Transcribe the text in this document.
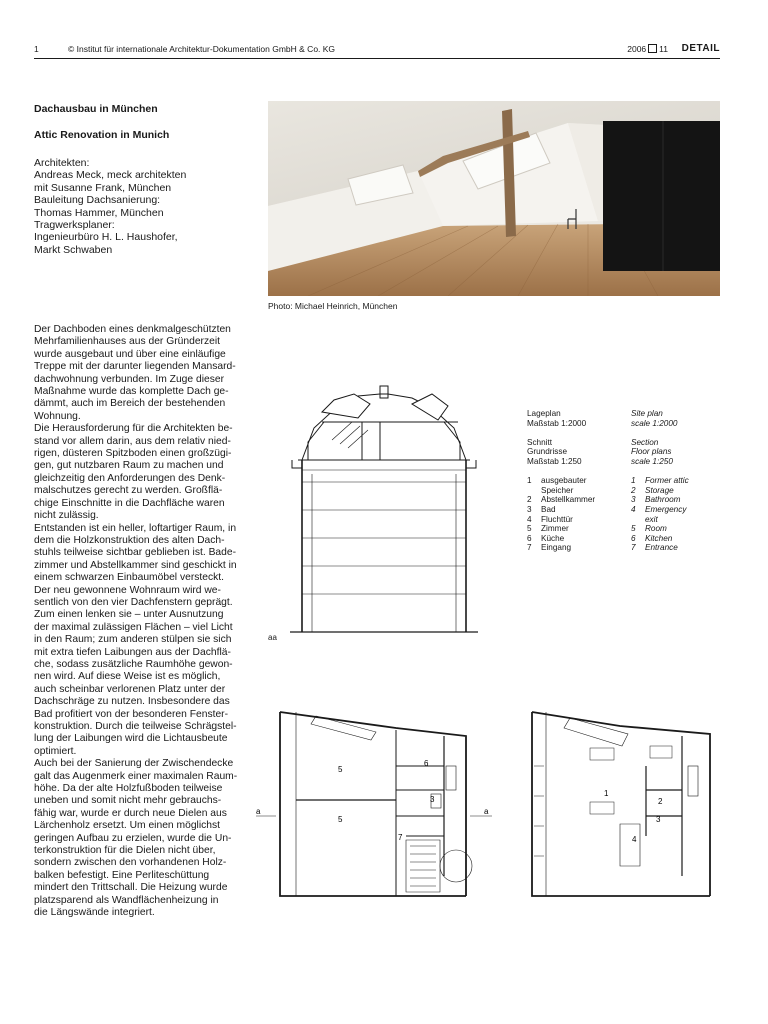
1	© Institut für internationale Architektur-Dokumentation GmbH & Co. KG	2006 11 DETAIL
Dachausbau in München
Attic Renovation in Munich
Architekten:
Andreas Meck, meck architekten
mit Susanne Frank, München
Bauleitung Dachsanierung:
Thomas Hammer, München
Tragwerksplaner:
Ingenieurbüro H. L. Haushofer,
Markt Schwaben
Photo: Michael Heinrich, München
Der Dachboden eines denkmalgeschützten
Mehrfamilienhauses aus der Gründerzeit
wurde ausgebaut und über eine einläufige
Treppe mit der darunter liegenden Mansard-
dachwohnung verbunden. Im Zuge dieser
Maßnahme wurde das komplette Dach ge-
dämmt, auch im Bereich der bestehenden
Wohnung.
Die Herausforderung für die Architekten be-
stand vor allem darin, aus dem relativ nied-
rigen, düsteren Spitzboden einen großzügi-
gen, gut nutzbaren Raum zu machen und
gleichzeitig den Anforderungen des Denk-
malschutzes gerecht zu werden. Großflä-
chige Einschnitte in die Dachfläche waren
nicht zulässig.
Entstanden ist ein heller, loftartiger Raum, in
dem die Holzkonstruktion des alten Dach-
stuhls teilweise sichtbar geblieben ist. Bade-
zimmer und Abstellkammer sind geschickt in
einem schwarzen Einbaumöbel versteckt.
Der neu gewonnene Wohnraum wird we-
sentlich von den vier Dachfenstern geprägt.
Zum einen lenken sie – unter Ausnutzung
der maximal zulässigen Flächen – viel Licht
in den Raum; zum anderen stülpen sie sich
mit extra tiefen Laibungen aus der Dachflä-
che, sodass zusätzliche Raumhöhe gewon-
nen wird. Auf diese Weise ist es möglich,
auch scheinbar verlorenen Platz unter der
Dachschräge zu nutzen. Insbesondere das
Bad profitiert von der besonderen Fenster-
konstruktion. Durch die teilweise Schrägstel-
lung der Laibungen wird die Lichtausbeute
optimiert.
Auch bei der Sanierung der Zwischendecke
galt das Augenmerk einer maximalen Raum-
höhe. Da der alte Holzfußboden teilweise
uneben und somit nicht mehr gebrauchs-
fähig war, wurde er durch neue Dielen aus
Lärchenholz ersetzt. Um einen möglichst
geringen Aufbau zu erzielen, wurde die Un-
terkonstruktion für die Dielen nicht über,
sondern zwischen den vorhandenen Holz-
balken befestigt. Eine Perliteschüttung
mindert den Trittschall. Die Heizung wurde
platzsparend als Wandflächenheizung in
die Längswände integriert.
Lageplan
Maßstab 1:2000
Schnitt
Grundrisse
Maßstab 1:250
1 ausgebauter
Speicher
2 Abstellkammer
3 Bad
4 Fluchttür
5 Zimmer
6 Küche
7 Eingang
Site plan
scale 1:2000
Section
Floor plans
scale 1:250
1 Former attic
2 Storage
3 Bathroom
4 Emergency
exit
5 Room
6 Kitchen
7 Entrance
aa
5
5
6
3
7
a	a
1
2
3
4
